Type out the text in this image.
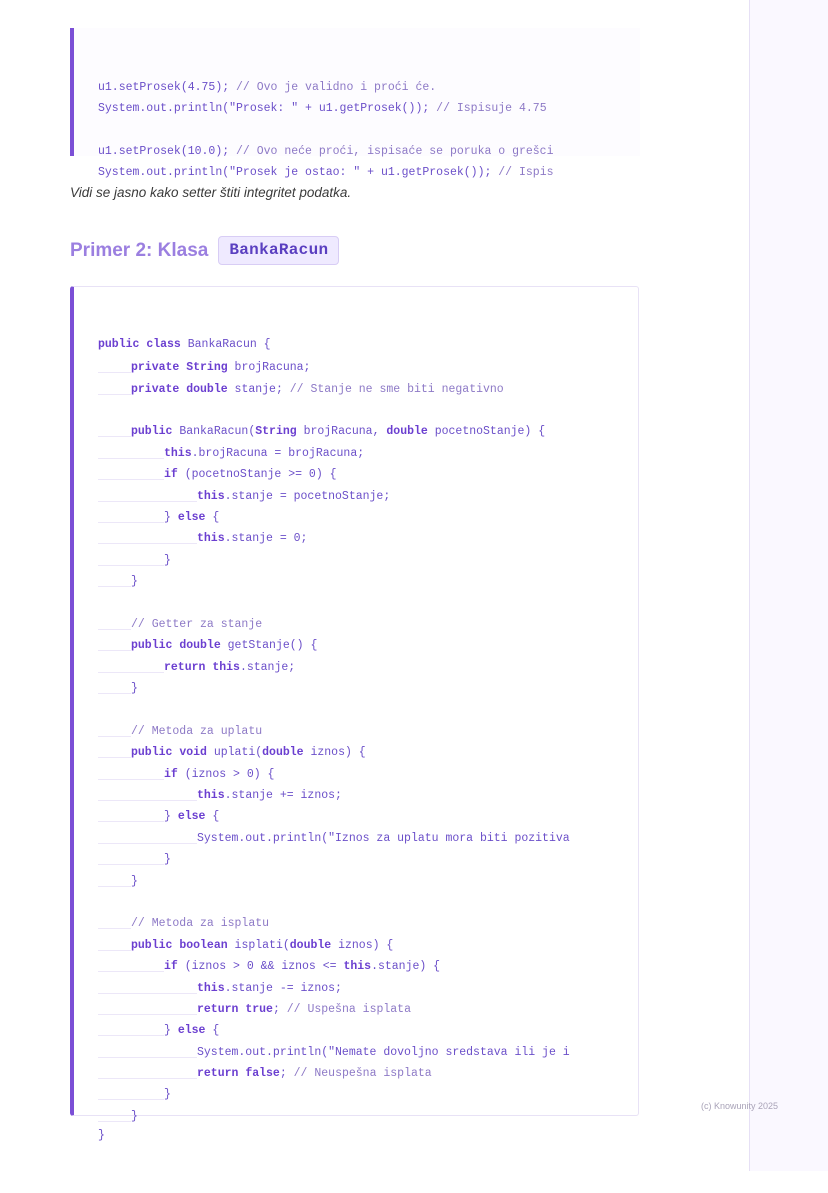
u1.setProsek(4.75); // Ovo je validno i proći će.
System.out.println("Prosek: " + u1.getProsek()); // Ispisuje 4.75

u1.setProsek(10.0); // Ovo neće proći, ispisaće se poruka o grešci
System.out.println("Prosek je ostao: " + u1.getProsek()); // Ispis

Vidi se jasno kako setter štiti integritet podatka.
Primer 2: Klasa	BankaRacun

public class BankaRacun {
private String brojRacuna;
private double stanje; // Stanje ne sme biti negativno

public BankaRacun(String brojRacuna, double pocetnoStanje) {
this.brojRacuna = brojRacuna;
if (pocetnoStanje >= 0) {
this.stanje = pocetnoStanje;
} else {
this.stanje = 0;
}
}

// Getter za stanje
public double getStanje() {
return this.stanje;
}

// Metoda za uplatu
public void uplati(double iznos) {
if (iznos > 0) {
this.stanje += iznos;
} else {
System.out.println("Iznos za uplatu mora biti pozitiva
}
}

// Metoda za isplatu
public boolean isplati(double iznos) {
if (iznos > 0 && iznos <= this.stanje) {
this.stanje -= iznos;
return true; // Uspešna isplata
} else {
System.out.println("Nemate dovoljno sredstava ili je i
return false; // Neuspešna isplata
}
}
}

(c) Knowunity 2025
